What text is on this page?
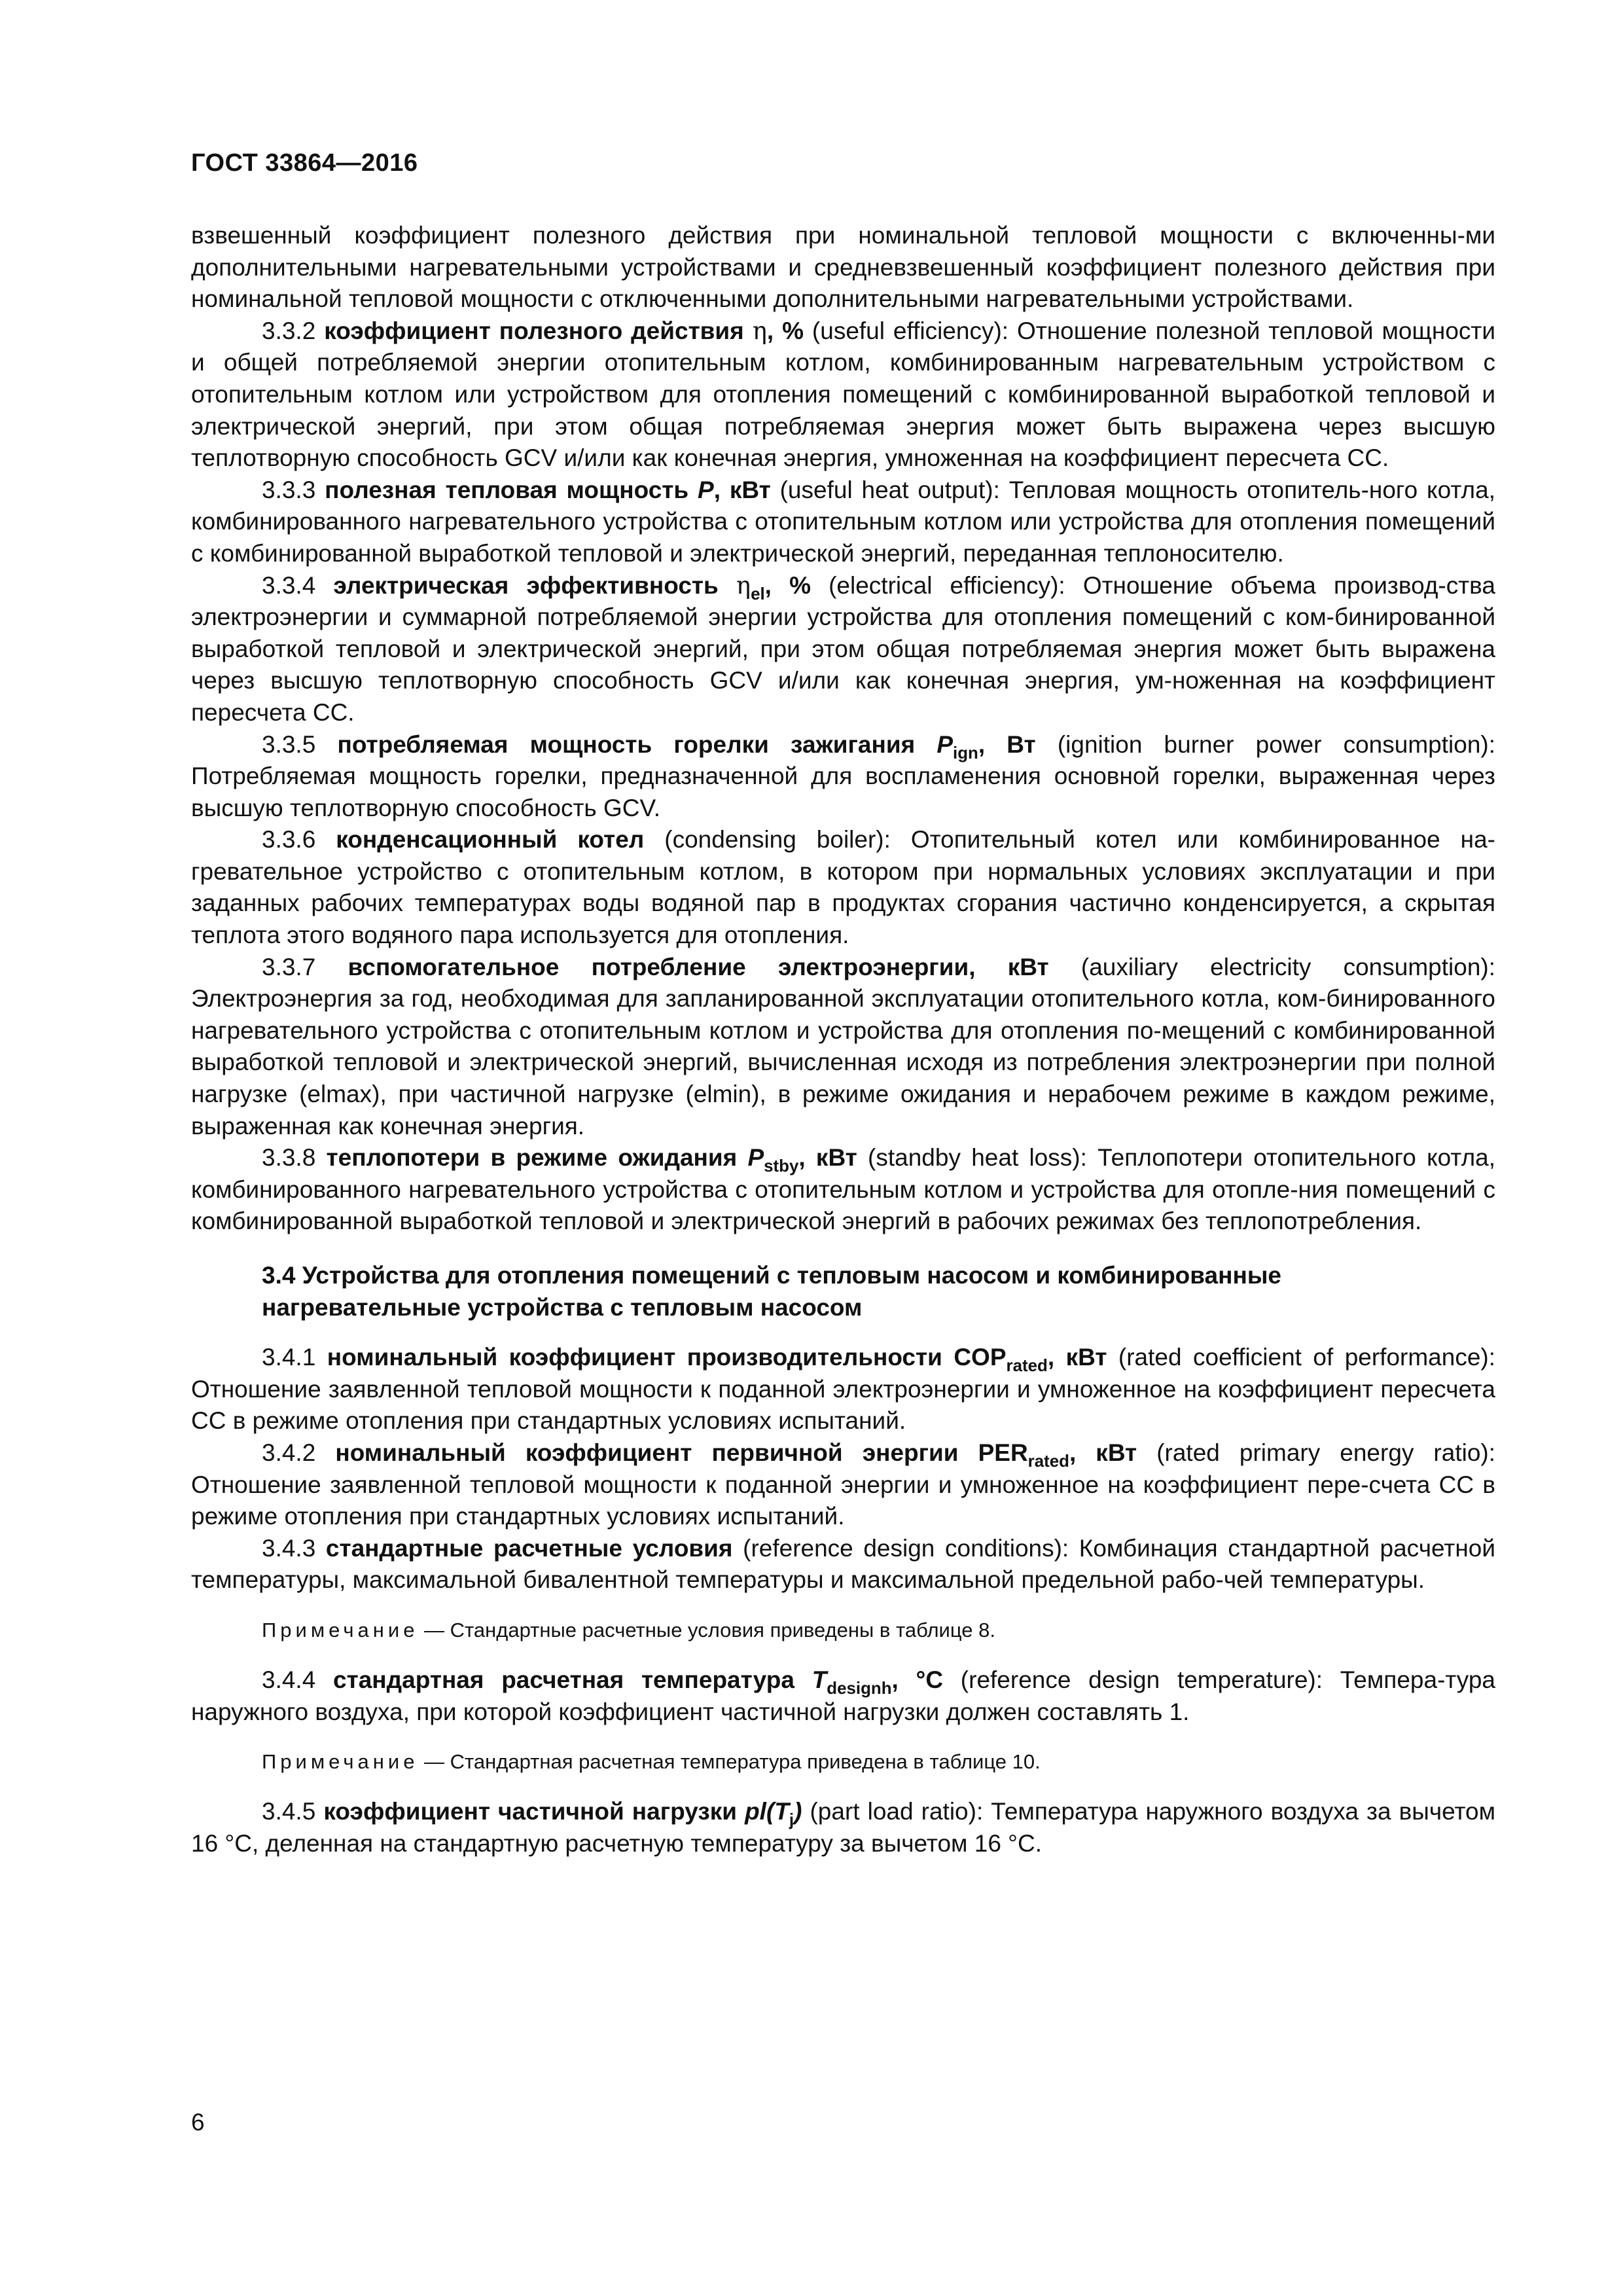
ГОСТ 33864—2016

взвешенный коэффициент полезного действия при номинальной тепловой мощности с включенны-ми дополнительными нагревательными устройствами и средневзвешенный коэффициент полезного действия при номинальной тепловой мощности с отключенными дополнительными нагревательными устройствами.

3.3.2 коэффициент полезного действия η, % (useful efficiency): Отношение полезной тепловой мощности и общей потребляемой энергии отопительным котлом, комбинированным нагревательным устройством с отопительным котлом или устройством для отопления помещений с комбинированной выработкой тепловой и электрической энергий, при этом общая потребляемая энергия может быть выражена через высшую теплотворную способность GCV и/или как конечная энергия, умноженная на коэффициент пересчета CC.

3.3.3 полезная тепловая мощность P, кВт (useful heat output): Тепловая мощность отопитель-ного котла, комбинированного нагревательного устройства с отопительным котлом или устройства для отопления помещений с комбинированной выработкой тепловой и электрической энергий, переданная теплоносителю.

3.3.4 электрическая эффективность $\eta_{el}$, % (electrical efficiency): Отношение объема производ-ства электроэнергии и суммарной потребляемой энергии устройства для отопления помещений с ком-бинированной выработкой тепловой и электрической энергий, при этом общая потребляемая энергия может быть выражена через высшую теплотворную способность GCV и/или как конечная энергия, ум-ноженная на коэффициент пересчета CC.

3.3.5 потребляемая мощность горелки зажигания $P_{ign}$, Вт (ignition burner power consumption): Потребляемая мощность горелки, предназначенной для воспламенения основной горелки, выраженная через высшую теплотворную способность GCV.

3.3.6 конденсационный котел (condensing boiler): Отопительный котел или комбинированное на-гревательное устройство с отопительным котлом, в котором при нормальных условиях эксплуатации и при заданных рабочих температурах воды водяной пар в продуктах сгорания частично конденсируется, а скрытая теплота этого водяного пара используется для отопления.

3.3.7 вспомогательное потребление электроэнергии, кВт (auxiliary electricity consumption): Электроэнергия за год, необходимая для запланированной эксплуатации отопительного котла, ком-бинированного нагревательного устройства с отопительным котлом и устройства для отопления по-мещений с комбинированной выработкой тепловой и электрической энергий, вычисленная исходя из потребления электроэнергии при полной нагрузке (elmax), при частичной нагрузке (elmin), в режиме ожидания и нерабочем режиме в каждом режиме, выраженная как конечная энергия.

3.3.8 теплопотери в режиме ожидания $P_{stby}$, кВт (standby heat loss): Теплопотери отопительного котла, комбинированного нагревательного устройства с отопительным котлом и устройства для отопле-ния помещений с комбинированной выработкой тепловой и электрической энергий в рабочих режимах без теплопотребления.

3.4 Устройства для отопления помещений с тепловым насосом и комбинированные
нагревательные устройства с тепловым насосом

3.4.1 номинальный коэффициент производительности $COP_{rated}$, кВт (rated coefficient of performance): Отношение заявленной тепловой мощности к поданной электроэнергии и умноженное на коэффициент пересчета CC в режиме отопления при стандартных условиях испытаний.

3.4.2 номинальный коэффициент первичной энергии $PER_{rated}$, кВт (rated primary energy ratio): Отношение заявленной тепловой мощности к поданной энергии и умноженное на коэффициент пере-счета CC в режиме отопления при стандартных условиях испытаний.

3.4.3 стандартные расчетные условия (reference design conditions): Комбинация стандартной расчетной температуры, максимальной бивалентной температуры и максимальной предельной рабо-чей температуры.

Примечание — Стандартные расчетные условия приведены в таблице 8.

3.4.4 стандартная расчетная температура $T_{designh}$, °C (reference design temperature): Темпера-тура наружного воздуха, при которой коэффициент частичной нагрузки должен составлять 1.

Примечание — Стандартная расчетная температура приведена в таблице 10.

3.4.5 коэффициент частичной нагрузки $pl(T_j)$ (part load ratio): Температура наружного воздуха за вычетом 16 °C, деленная на стандартную расчетную температуру за вычетом 16 °C.

6
